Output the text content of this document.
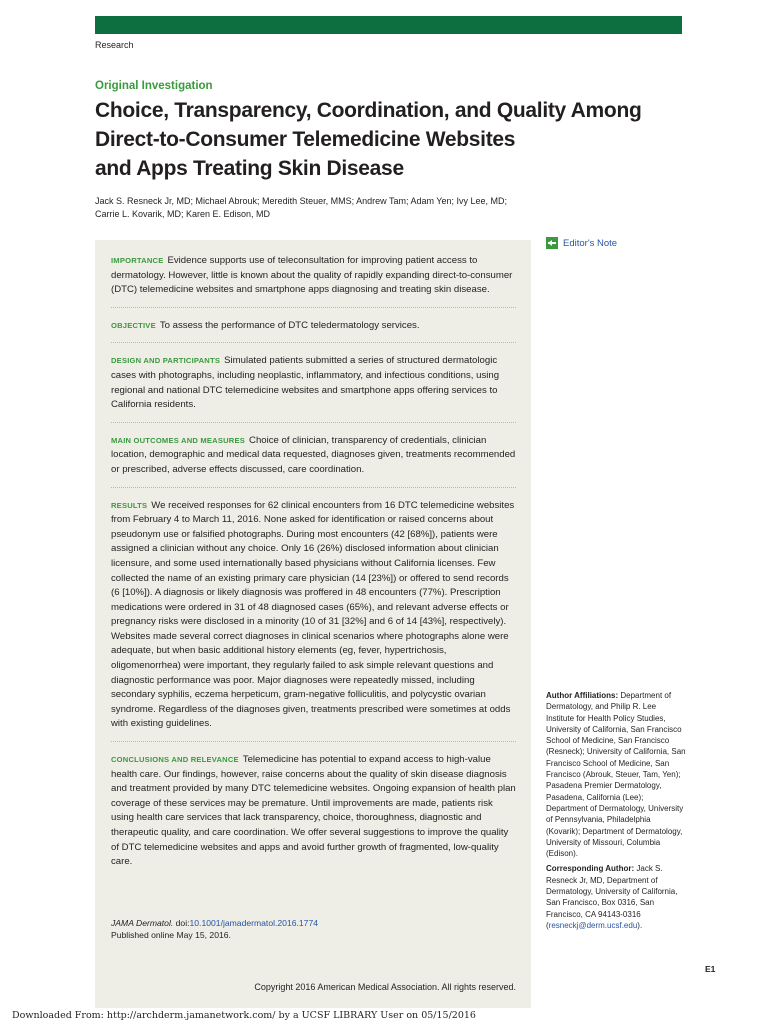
Research
Original Investigation
Choice, Transparency, Coordination, and Quality Among
Direct-to-Consumer Telemedicine Websites
and Apps Treating Skin Disease
Jack S. Resneck Jr, MD; Michael Abrouk; Meredith Steuer, MMS; Andrew Tam; Adam Yen; Ivy Lee, MD;
Carrie L. Kovarik, MD; Karen E. Edison, MD
IMPORTANCE Evidence supports use of teleconsultation for improving patient access to dermatology. However, little is known about the quality of rapidly expanding direct-to-consumer (DTC) telemedicine websites and smartphone apps diagnosing and treating skin disease.
OBJECTIVE To assess the performance of DTC teledermatology services.
DESIGN AND PARTICIPANTS Simulated patients submitted a series of structured dermatologic cases with photographs, including neoplastic, inflammatory, and infectious conditions, using regional and national DTC telemedicine websites and smartphone apps offering services to California residents.
MAIN OUTCOMES AND MEASURES Choice of clinician, transparency of credentials, clinician location, demographic and medical data requested, diagnoses given, treatments recommended or prescribed, adverse effects discussed, care coordination.
RESULTS We received responses for 62 clinical encounters from 16 DTC telemedicine websites from February 4 to March 11, 2016. None asked for identification or raised concerns about pseudonym use or falsified photographs. During most encounters (42 [68%]), patients were assigned a clinician without any choice. Only 16 (26%) disclosed information about clinician licensure, and some used internationally based physicians without California licenses. Few collected the name of an existing primary care physician (14 [23%]) or offered to send records (6 [10%]). A diagnosis or likely diagnosis was proffered in 48 encounters (77%). Prescription medications were ordered in 31 of 48 diagnosed cases (65%), and relevant adverse effects or pregnancy risks were disclosed in a minority (10 of 31 [32%] and 6 of 14 [43%], respectively). Websites made several correct diagnoses in clinical scenarios where photographs alone were adequate, but when basic additional history elements (eg, fever, hypertrichosis, oligomenorrhea) were important, they regularly failed to ask simple relevant questions and diagnostic performance was poor. Major diagnoses were repeatedly missed, including secondary syphilis, eczema herpeticum, gram-negative folliculitis, and polycystic ovarian syndrome. Regardless of the diagnoses given, treatments prescribed were sometimes at odds with existing guidelines.
CONCLUSIONS AND RELEVANCE Telemedicine has potential to expand access to high-value health care. Our findings, however, raise concerns about the quality of skin disease diagnosis and treatment provided by many DTC telemedicine websites. Ongoing expansion of health plan coverage of these services may be premature. Until improvements are made, patients risk using health care services that lack transparency, choice, thoroughness, diagnostic and therapeutic quality, and care coordination. We offer several suggestions to improve the quality of DTC telemedicine websites and apps and avoid further growth of fragmented, low-quality care.
JAMA Dermatol. doi:10.1001/jamadermatol.2016.1774
Published online May 15, 2016.
Copyright 2016 American Medical Association. All rights reserved.
Editor's Note

Author Affiliations: Department of Dermatology, and Philip R. Lee Institute for Health Policy Studies, University of California, San Francisco School of Medicine, San Francisco (Resneck); University of California, San Francisco School of Medicine, San Francisco (Abrouk, Steuer, Tam, Yen); Pasadena Premier Dermatology, Pasadena, California (Lee); Department of Dermatology, University of Pennsylvania, Philadelphia (Kovarik); Department of Dermatology, University of Missouri, Columbia (Edison).

Corresponding Author: Jack S. Resneck Jr, MD, Department of Dermatology, University of California, San Francisco, Box 0316, San Francisco, CA 94143-0316 (resneckj@derm.ucsf.edu).

E1
Downloaded From: http://archderm.jamanetwork.com/ by a UCSF LIBRARY User on 05/15/2016
